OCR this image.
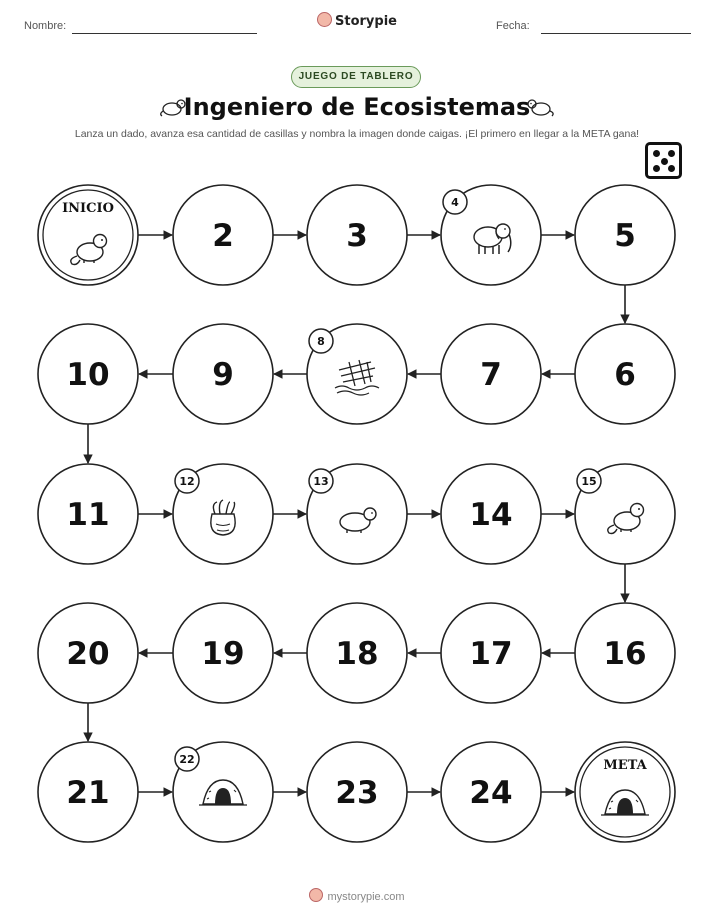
Nombre:	Storypie	Fecha:
JUEGO DE TABLERO
Ingeniero de Ecosistemas
Lanza un dado, avanza esa cantidad de casillas y nombra la imagen donde caigas. ¡El primero en llegar a la META gana!
INICIO
2	3
4
5
6
7
8
9
10
11
12	13
14
15
16
17
18
19
20
21
22
23	24
META
mystorypie.com
